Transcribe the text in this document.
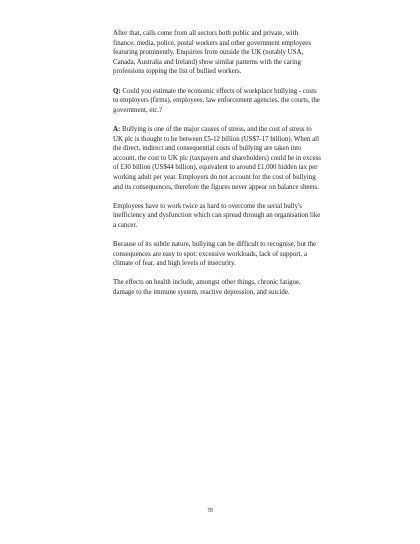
After that, calls come from all sectors both public and private, with finance, media, police, postal workers and other government employees featuring prominently. Enquiries from outside the UK (notably USA, Canada, Australia and Ireland) show similar patterns with the caring professions topping the list of bullied workers.

Q: Could you estimate the economic effects of workplace bullying - costs to employers (firms), employees, law enforcement agencies, the courts, the government, etc.?

A: Bullying is one of the major causes of stress, and the cost of stress to UK plc is thought to be between £5-12 billion (US$7-17 billion). When all the direct, indirect and consequential costs of bullying are taken into account, the cost to UK plc (taxpayers and shareholders) could be in excess of £30 billion (US$44 billion), equivalent to around £1,000 hidden tax per working adult per year. Employers do not account for the cost of bullying and its consequences, therefore the figures never appear on balance sheets.

Employees have to work twice as hard to overcome the serial bully's inefficiency and dysfunction which can spread through an organisation like a cancer.

Because of its subtle nature, bullying can be difficult to recognise, but the consequences are easy to spot: excessive workloads, lack of support, a climate of fear, and high levels of insecurity.

The effects on health include, amongst other things, chronic fatigue, damage to the immune system, reactive depression, and suicide.

78
